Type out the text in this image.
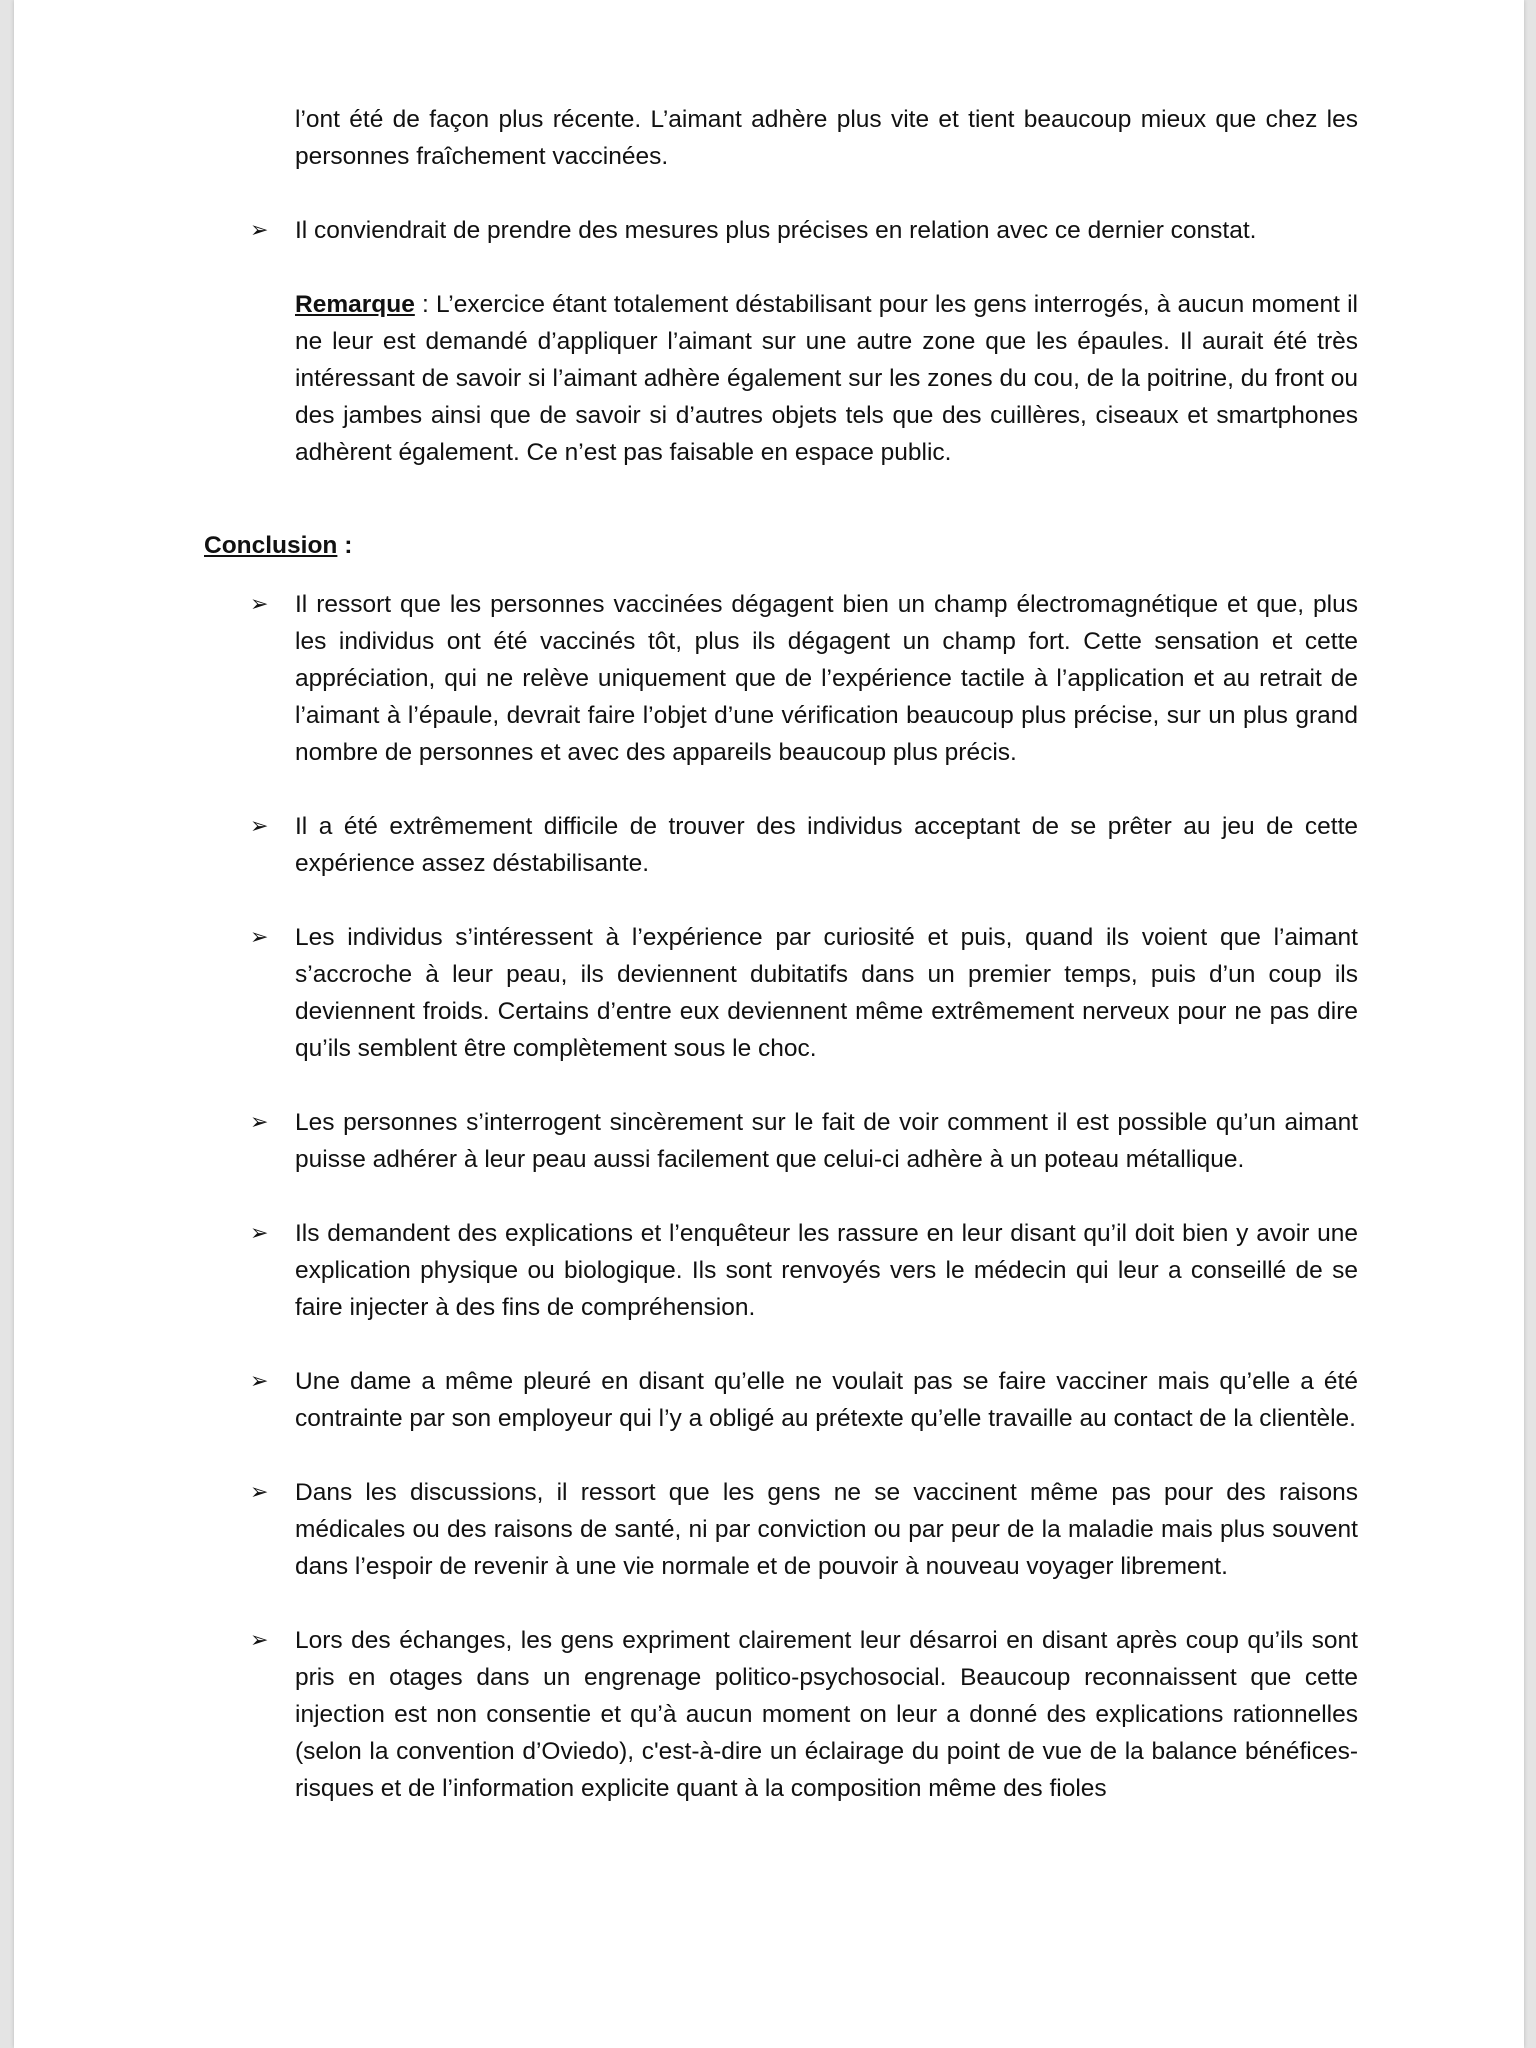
l’ont été de façon plus récente. L’aimant adhère plus vite et tient beaucoup mieux que chez les personnes fraîchement vaccinées.

➢ Il conviendrait de prendre des mesures plus précises en relation avec ce dernier constat.

Remarque : L’exercice étant totalement déstabilisant pour les gens interrogés, à aucun moment il ne leur est demandé d’appliquer l’aimant sur une autre zone que les épaules. Il aurait été très intéressant de savoir si l’aimant adhère également sur les zones du cou, de la poitrine, du front ou des jambes ainsi que de savoir si d’autres objets tels que des cuillères, ciseaux et smartphones adhèrent également. Ce n’est pas faisable en espace public.

Conclusion :

➢ Il ressort que les personnes vaccinées dégagent bien un champ électromagnétique et que, plus les individus ont été vaccinés tôt, plus ils dégagent un champ fort. Cette sensation et cette appréciation, qui ne relève uniquement que de l’expérience tactile à l’application et au retrait de l’aimant à l’épaule, devrait faire l’objet d’une vérification beaucoup plus précise, sur un plus grand nombre de personnes et avec des appareils beaucoup plus précis.
➢ Il a été extrêmement difficile de trouver des individus acceptant de se prêter au jeu de cette expérience assez déstabilisante.
➢ Les individus s’intéressent à l’expérience par curiosité et puis, quand ils voient que l’aimant s’accroche à leur peau, ils deviennent dubitatifs dans un premier temps, puis d’un coup ils deviennent froids. Certains d’entre eux deviennent même extrêmement nerveux pour ne pas dire qu’ils semblent être complètement sous le choc.
➢ Les personnes s’interrogent sincèrement sur le fait de voir comment il est possible qu’un aimant puisse adhérer à leur peau aussi facilement que celui-ci adhère à un poteau métallique.
➢ Ils demandent des explications et l’enquêteur les rassure en leur disant qu’il doit bien y avoir une explication physique ou biologique. Ils sont renvoyés vers le médecin qui leur a conseillé de se faire injecter à des fins de compréhension.
➢ Une dame a même pleuré en disant qu’elle ne voulait pas se faire vacciner mais qu’elle a été contrainte par son employeur qui l’y a obligé au prétexte qu’elle travaille au contact de la clientèle.
➢ Dans les discussions, il ressort que les gens ne se vaccinent même pas pour des raisons médicales ou des raisons de santé, ni par conviction ou par peur de la maladie mais plus souvent dans l’espoir de revenir à une vie normale et de pouvoir à nouveau voyager librement.
➢ Lors des échanges, les gens expriment clairement leur désarroi en disant après coup qu’ils sont pris en otages dans un engrenage politico-psychosocial. Beaucoup reconnaissent que cette injection est non consentie et qu’à aucun moment on leur a donné des explications rationnelles (selon la convention d’Oviedo), c'est-à-dire un éclairage du point de vue de la balance bénéfices-risques et de l’information explicite quant à la composition même des fioles
